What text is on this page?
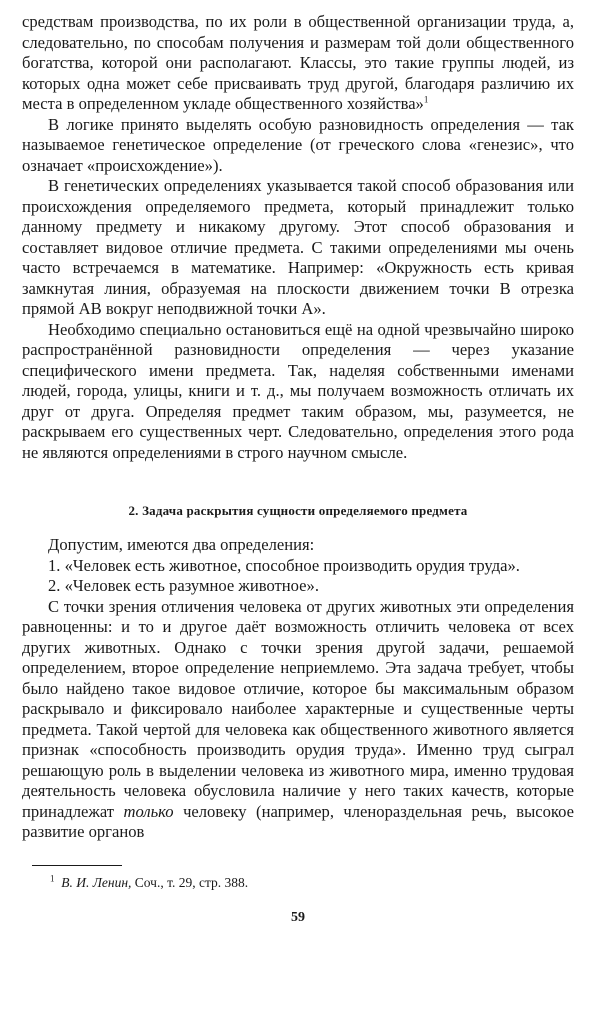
средствам производства, по их роли в общественной организации труда, а, следовательно, по способам получения и размерам той доли общественного богатства, которой они располагают. Классы, это такие группы людей, из которых одна может себе присваивать труд другой, благодаря различию их места в определенном укладе общественного хозяйства»$^1$

В логике принято выделять особую разновидность определения — так называемое генетическое определение (от греческого слова «генезис», что означает «происхождение»).

В генетических определениях указывается такой способ образования или происхождения определяемого предмета, который принадлежит только данному предмету и никакому другому. Этот способ образования и составляет видовое отличие предмета. С такими определениями мы очень часто встречаемся в математике. Например: «Окружность есть кривая замкнутая линия, образуемая на плоскости движением точки B отрезка прямой AB вокруг неподвижной точки A».

Необходимо специально остановиться ещё на одной чрезвычайно широко распространённой разновидности определения — через указание специфического имени предмета. Так, наделяя собственными именами людей, города, улицы, книги и т. д., мы получаем возможность отличать их друг от друга. Определяя предмет таким образом, мы, разумеется, не раскрываем его существенных черт. Следовательно, определения этого рода не являются определениями в строго научном смысле.

2. Задача раскрытия сущности определяемого предмета

Допустим, имеются два определения:

1. «Человек есть животное, способное производить орудия труда».

2. «Человек есть разумное животное».

С точки зрения отличения человека от других животных эти определения равноценны: и то и другое даёт возможность отличить человека от всех других животных. Однако с точки зрения другой задачи, решаемой определением, второе определение неприемлемо. Эта задача требует, чтобы было найдено такое видовое отличие, которое бы максимальным образом раскрывало и фиксировало наиболее характерные и существенные черты предмета. Такой чертой для человека как общественного животного является признак «способность производить орудия труда». Именно труд сыграл решающую роль в выделении человека из животного мира, именно трудовая деятельность человека обусловила наличие у него таких качеств, которые принадлежат только человеку (например, членораздельная речь, высокое развитие органов

$^1$ В. И. Ленин, Соч., т. 29, стр. 388.

59
